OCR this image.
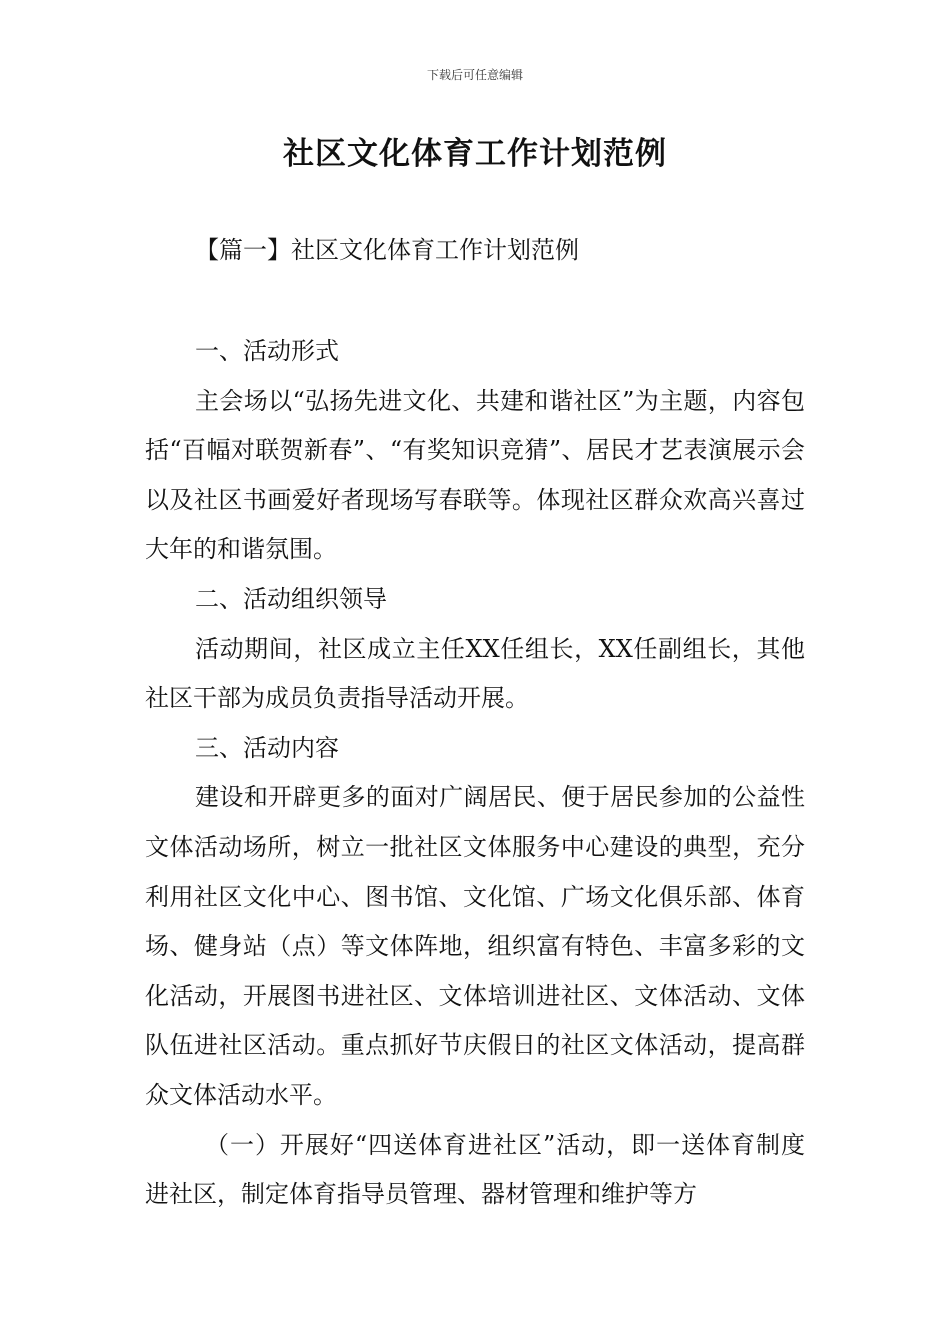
下载后可任意编辑
社区文化体育工作计划范例
【篇一】社区文化体育工作计划范例

一、活动形式

主会场以“弘扬先进文化、共建和谐社区”为主题，内容包括“百幅对联贺新春”、“有奖知识竞猜”、居民才艺表演展示会以及社区书画爱好者现场写春联等。体现社区群众欢高兴喜过大年的和谐氛围。

二、活动组织领导

活动期间，社区成立主任XX任组长，XX任副组长，其他社区干部为成员负责指导活动开展。

三、活动内容

建设和开辟更多的面对广阔居民、便于居民参加的公益性文体活动场所，树立一批社区文体服务中心建设的典型，充分利用社区文化中心、图书馆、文化馆、广场文化俱乐部、体育场、健身站（点）等文体阵地，组织富有特色、丰富多彩的文化活动，开展图书进社区、文体培训进社区、文体活动、文体队伍进社区活动。重点抓好节庆假日的社区文体活动，提高群众文体活动水平。

（一）开展好“四送体育进社区”活动，即一送体育制度进社区，制定体育指导员管理、器材管理和维护等方
